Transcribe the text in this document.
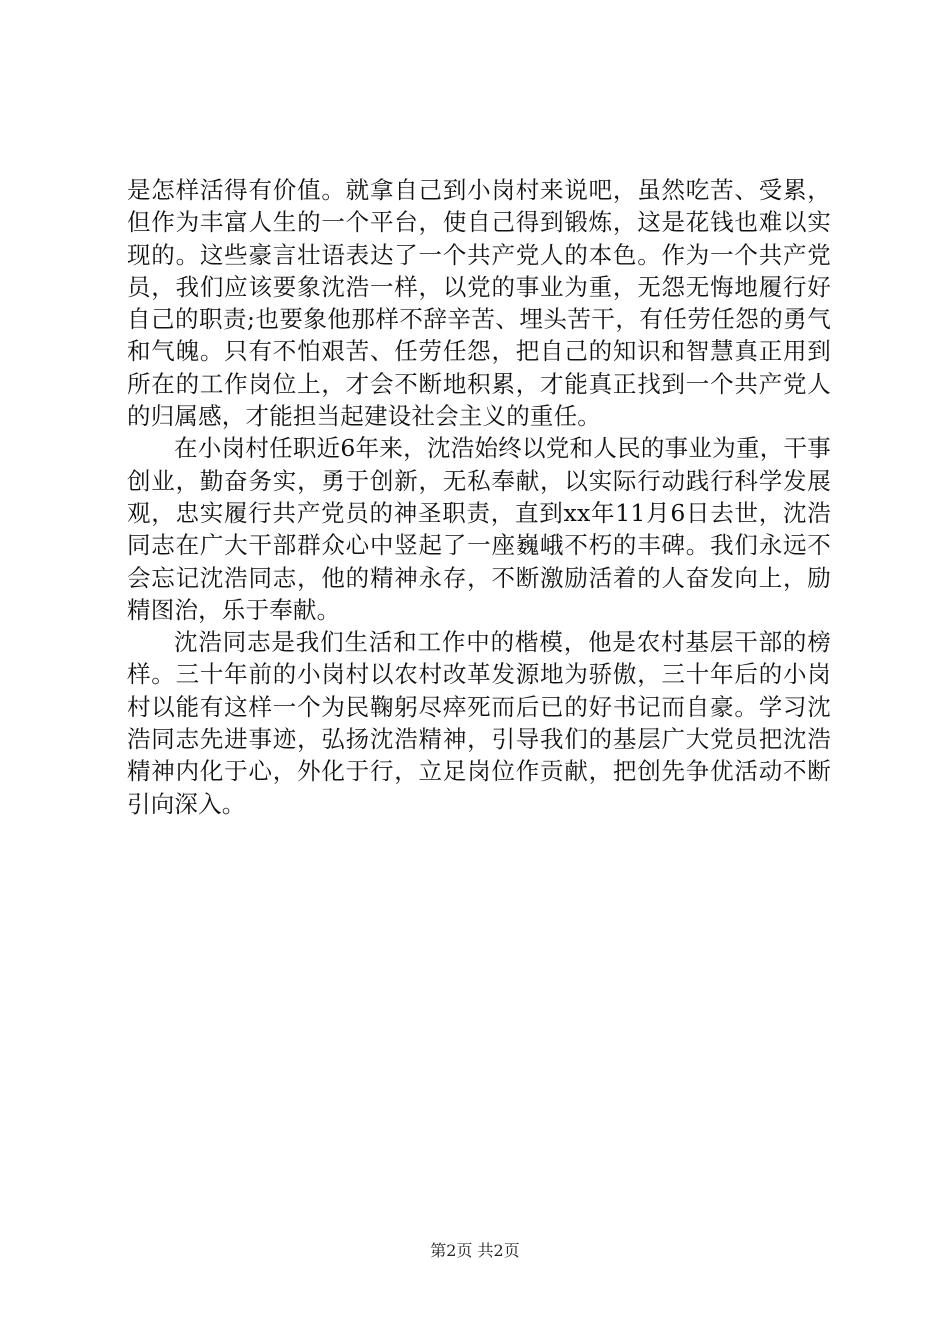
是怎样活得有价值。就拿自己到小岗村来说吧，虽然吃苦、受累，但作为丰富人生的一个平台，使自己得到锻炼，这是花钱也难以实现的。这些豪言壮语表达了一个共产党人的本色。作为一个共产党员，我们应该要象沈浩一样，以党的事业为重，无怨无悔地履行好自己的职责;也要象他那样不辞辛苦、埋头苦干，有任劳任怨的勇气和气魄。只有不怕艰苦、任劳任怨，把自己的知识和智慧真正用到所在的工作岗位上，才会不断地积累，才能真正找到一个共产党人的归属感，才能担当起建设社会主义的重任。

在小岗村任职近6年来，沈浩始终以党和人民的事业为重，干事创业，勤奋务实，勇于创新，无私奉献，以实际行动践行科学发展观，忠实履行共产党员的神圣职责，直到xx年11月6日去世，沈浩同志在广大干部群众心中竖起了一座巍峨不朽的丰碑。我们永远不会忘记沈浩同志，他的精神永存，不断激励活着的人奋发向上，励精图治，乐于奉献。

沈浩同志是我们生活和工作中的楷模，他是农村基层干部的榜样。三十年前的小岗村以农村改革发源地为骄傲，三十年后的小岗村以能有这样一个为民鞠躬尽瘁死而后已的好书记而自豪。学习沈浩同志先进事迹，弘扬沈浩精神，引导我们的基层广大党员把沈浩精神内化于心，外化于行，立足岗位作贡献，把创先争优活动不断引向深入。

第2页 共2页
